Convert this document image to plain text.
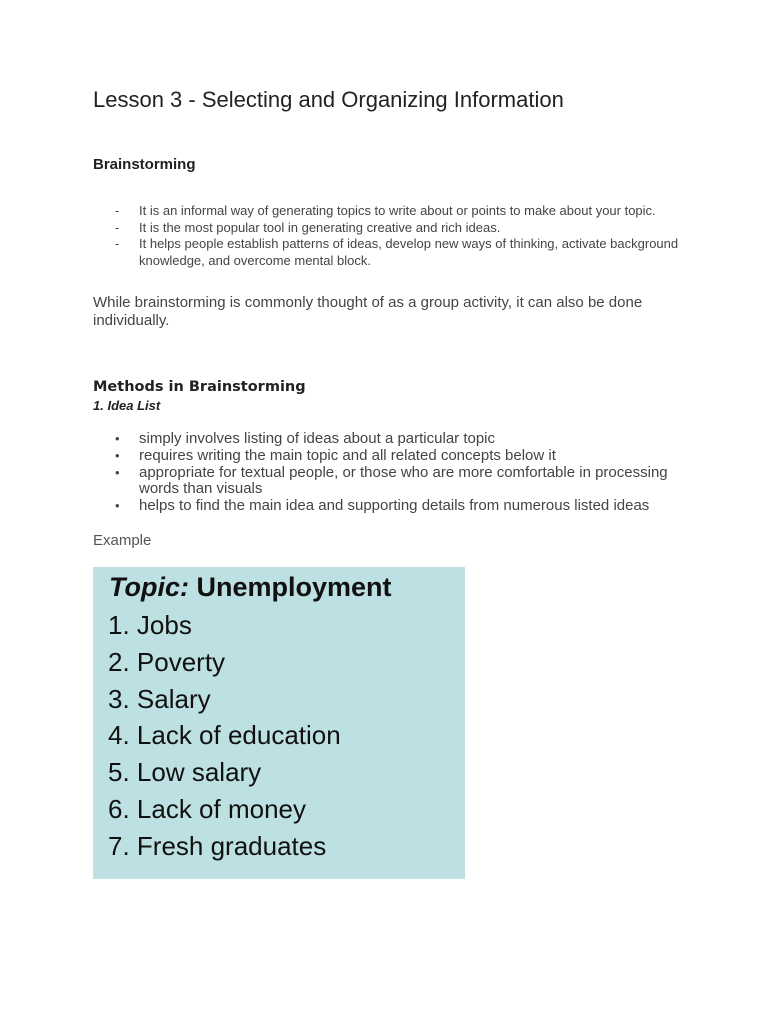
Lesson 3 - Selecting and Organizing Information
Brainstorming
- It is an informal way of generating topics to write about or points to make about your topic.
- It is the most popular tool in generating creative and rich ideas.
- It helps people establish patterns of ideas, develop new ways of thinking, activate background knowledge, and overcome mental block.

While brainstorming is commonly thought of as a group activity, it can also be done individually.

Methods in Brainstorming
1. Idea List
• simply involves listing of ideas about a particular topic
• requires writing the main topic and all related concepts below it
• appropriate for textual people, or those who are more comfortable in processing words than visuals
• helps to find the main idea and supporting details from numerous listed ideas

Example

Topic: Unemployment
1. Jobs
2. Poverty
3. Salary
4. Lack of education
5. Low salary
6. Lack of money
7. Fresh graduates
